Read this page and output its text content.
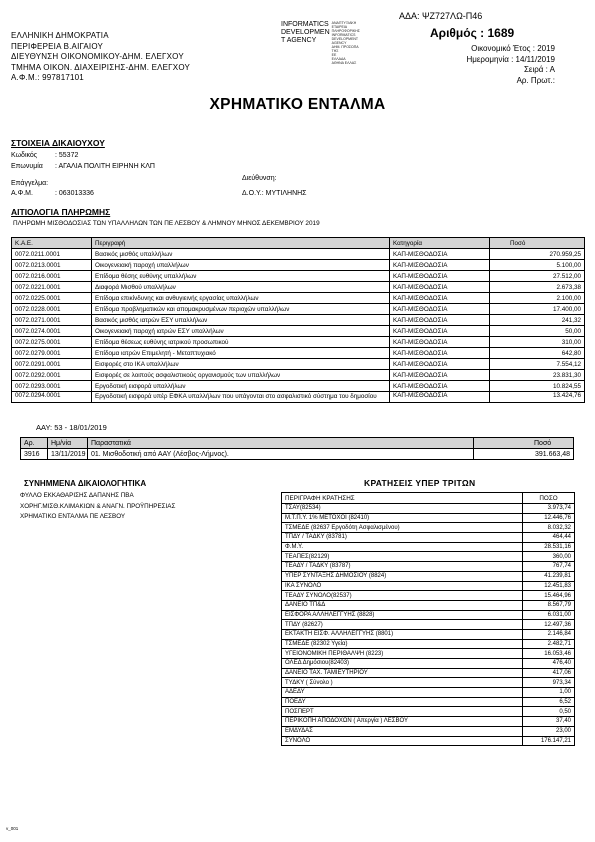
ΑΔΑ: ΨΖ727ΛΩ-Π46
ΕΛΛΗΝΙΚΗ ΔΗΜΟΚΡΑΤΙΑ
ΠΕΡΙΦΕΡΕΙΑ Β.ΑΙΓΑΙΟΥ
ΔΙΕΥΘΥΝΣΗ ΟΙΚΟΝΟΜΙΚΟΥ-ΔΗΜ. ΕΛΕΓΧΟΥ
ΤΜΗΜΑ ΟΙΚΟΝ. ΔΙΑΧΕΙΡΙΣΗΣ-ΔΗΜ. ΕΛΕΓΧΟΥ
Α.Φ.Μ.: 997817101
INFORMATICS
DEVELOPMEN
T AGENCY
ΑΝΑΠΤΥΞΙΑΚΗ
ΕΤΑΙΡΕΙΑ ΠΛΗΡΟΦΟΡΙΚΗΣ
INFORMATICS
DEVELOPMENT AGENCY
ΔΗΜ. ΠΡΟΣΩΠΑ ΤΗΣ
ΕΕ
ΕΛΛΑΔΑ
ΑΘΗΝΑ ΕΛΛΑΣ
Αριθμός : 1689
Οικονομικό Έτος : 2019
Ημερομηνία : 14/11/2019
Σειρά : Α
Αρ. Πρωτ.:
ΧΡΗΜΑΤΙΚΟ ΕΝΤΑΛΜΑ
ΣΤΟΙΧΕΙΑ ΔΙΚΑΙΟΥΧΟΥ
Κωδικός	: 55372
Επωνυμία : ΑΓΑΛΙΑ ΠΟΛΙΤΗ ΕΙΡΗΝΗ ΚΛΠ
Επάγγελμα:
Διεύθυνση:
Α.Φ.Μ.	: 063013336	Δ.Ο.Υ.: ΜΥΤΙΛΗΝΗΣ
ΑΙΤΙΟΛΟΓΙΑ ΠΛΗΡΩΜΗΣ
ΠΛΗΡΩΜΗ ΜΙΣΘΟΔΟΣΙΑΣ ΤΩΝ ΥΠΑΛΛΗΛΩΝ ΤΩΝ ΠΕ ΛΕΣΒΟΥ & ΛΗΜΝΟΥ ΜΗΝΟΣ ΔΕΚΕΜΒΡΙΟΥ 2019
Κ.Α.Ε.	Περιγραφή	Κατηγορία	Ποσό
0072.0211.0001	Βασικός μισθός υπαλλήλων	ΚΑΠ-ΜΙΣΘΟΔΟΣΙΑ	270.959,25
0072.0213.0001	Οικογενειακή παροχή υπαλλήλων	ΚΑΠ-ΜΙΣΘΟΔΟΣΙΑ	5.100,00
0072.0216.0001	Επίδομα θέσης ευθύνης υπαλλήλων	ΚΑΠ-ΜΙΣΘΟΔΟΣΙΑ	27.512,00
0072.0221.0001	Διαφορά Μισθού υπαλλήλων	ΚΑΠ-ΜΙΣΘΟΔΟΣΙΑ	2.673,38
0072.0225.0001	Επίδομα επικίνδυνης και ανθυγιεινής εργασίας υπαλλήλων	ΚΑΠ-ΜΙΣΘΟΔΟΣΙΑ	2.100,00
0072.0228.0001	Επίδομα προβληματικών και απομακρυσμένων περιοχών υπαλλήλων	ΚΑΠ-ΜΙΣΘΟΔΟΣΙΑ	17.400,00
0072.0271.0001	Βασικός μισθός ιατρών ΕΣΥ υπαλλήλων	ΚΑΠ-ΜΙΣΘΟΔΟΣΙΑ	241,32
0072.0274.0001	Οικογενειακή παροχή ιατρών ΕΣΥ υπαλλήλων	ΚΑΠ-ΜΙΣΘΟΔΟΣΙΑ	50,00
0072.0275.0001	Επίδομα θέσεως ευθύνης ιατρικού προσωπικού	ΚΑΠ-ΜΙΣΘΟΔΟΣΙΑ	310,00
0072.0279.0001	Επίδομα ιατρών Επιμελητή - Μεταπτυχιακό	ΚΑΠ-ΜΙΣΘΟΔΟΣΙΑ	642,80
0072.0291.0001	Εισφορές στο ΙΚΑ υπαλλήλων	ΚΑΠ-ΜΙΣΘΟΔΟΣΙΑ	7.554,12
0072.0292.0001	Εισφορές σε λοιπούς ασφαλιστικούς οργανισμούς των υπαλλήλων	ΚΑΠ-ΜΙΣΘΟΔΟΣΙΑ	23.831,30
0072.0293.0001	Εργοδοτική εισφορά υπαλλήλων	ΚΑΠ-ΜΙΣΘΟΔΟΣΙΑ	10.824,55
0072.0294.0001	Εργοδοτική εισφορά υπέρ ΕΦΚΑ υπαλλήλων που υπάγονται στο ασφαλιστικό σύστημα του δημοσίου	ΚΑΠ-ΜΙΣΘΟΔΟΣΙΑ	13.424,76
ΑΑΥ: 53 - 18/01/2019
Αρ.	Ημ/νία	Παραστατικά	Ποσό
3916	13/11/2019	01. Μισθοδοτική από ΑΑΥ (Λέσβος-Λήμνος).	391.663,48
ΣΥΝΗΜΜΕΝΑ ΔΙΚΑΙΟΛΟΓΗΤΙΚΑ
ΦΥΛΛΟ ΕΚΚΑΘΑΡΙΣΗΣ ΔΑΠΑΝΗΣ ΠΒΑ
ΧΟΡΗΓ.ΜΙΣΘ.ΚΛΙΜΑΚΙΩΝ & ΑΝΑΓΝ. ΠΡΟΫΠΗΡΕΣΙΑΣ
ΧΡΗΜΑΤΙΚΟ ΕΝΤΑΛΜΑ ΠΕ ΛΕΣΒΟΥ
ΚΡΑΤΗΣΕΙΣ ΥΠΕΡ ΤΡΙΤΩΝ
ΠΕΡΙΓΡΑΦΗ ΚΡΑΤΗΣΗΣ	ΠΟΣΟ
ΤΣΑΥ(82534)	3.973,74
Μ.Τ.Π.Υ. 1% ΜΕΤΟΧΟΙ (82410)	12.446,76
ΤΣΜΕΔΕ (82637 Εργοδότη Ασφαλισμένου)	8.032,32
ΤΠΔΥ / ΤΑΔΚΥ (83781)	464,44
Φ.Μ.Υ.	28.531,16
ΤΕΑΠΕΣ(82129)	360,00
ΤΕΑΔΥ / ΤΑΔΚΥ (83787)	767,74
ΥΠΕΡ ΣΥΝΤΑΞΗΣ ΔΗΜΟΣΙΟΥ (8824)	41.239,81
ΙΚΑ ΣΥΝΟΛΟ	12.451,83
ΤΕΑΔΥ ΣΥΝΟΛΟ(82537)	15.464,96
ΔΑΝΕΙΟ ΤΠ&Δ	8.567,79
ΕΙΣΦΟΡΑ ΑΛΛΗΛΕΓΓΥΗΣ (8828)	6.031,00
ΤΠΔΥ (82627)	12.497,36
ΕΚΤΑΚΤΗ ΕΙΣΦ. ΑΛΛΗΛΕΓΓΥΗΣ (8801)	2.146,84
ΤΣΜΕΔΕ (82302 Υγεία)	2.482,71
ΥΓΕΙΟΝΟΜΙΚΗ ΠΕΡΙΘΑΛΨΗ (8223)	16.053,46
ΟΛΕΔ Δημόσιου(82403)	476,40
ΔΑΝΕΙΟ ΤΑΧ. ΤΑΜΙΕΥΤΗΡΙΟΥ	417,06
ΤΥΔΚΥ ( Σύνολο )	973,34
ΑΔΕΔΥ	1,00
ΠΟΕΔΥ	6,52
ΠΟΣΠΕΡΤ	0,50
ΠΕΡΙΚΟΠΗ ΑΠΟΔΟΧΩΝ ( Απεργία ) ΛΕΣΒΟΥ	37,40
ΕΜΔΥΔΑΣ	23,00
ΣΥΝΟΛΟ	176.147,21
v_001
